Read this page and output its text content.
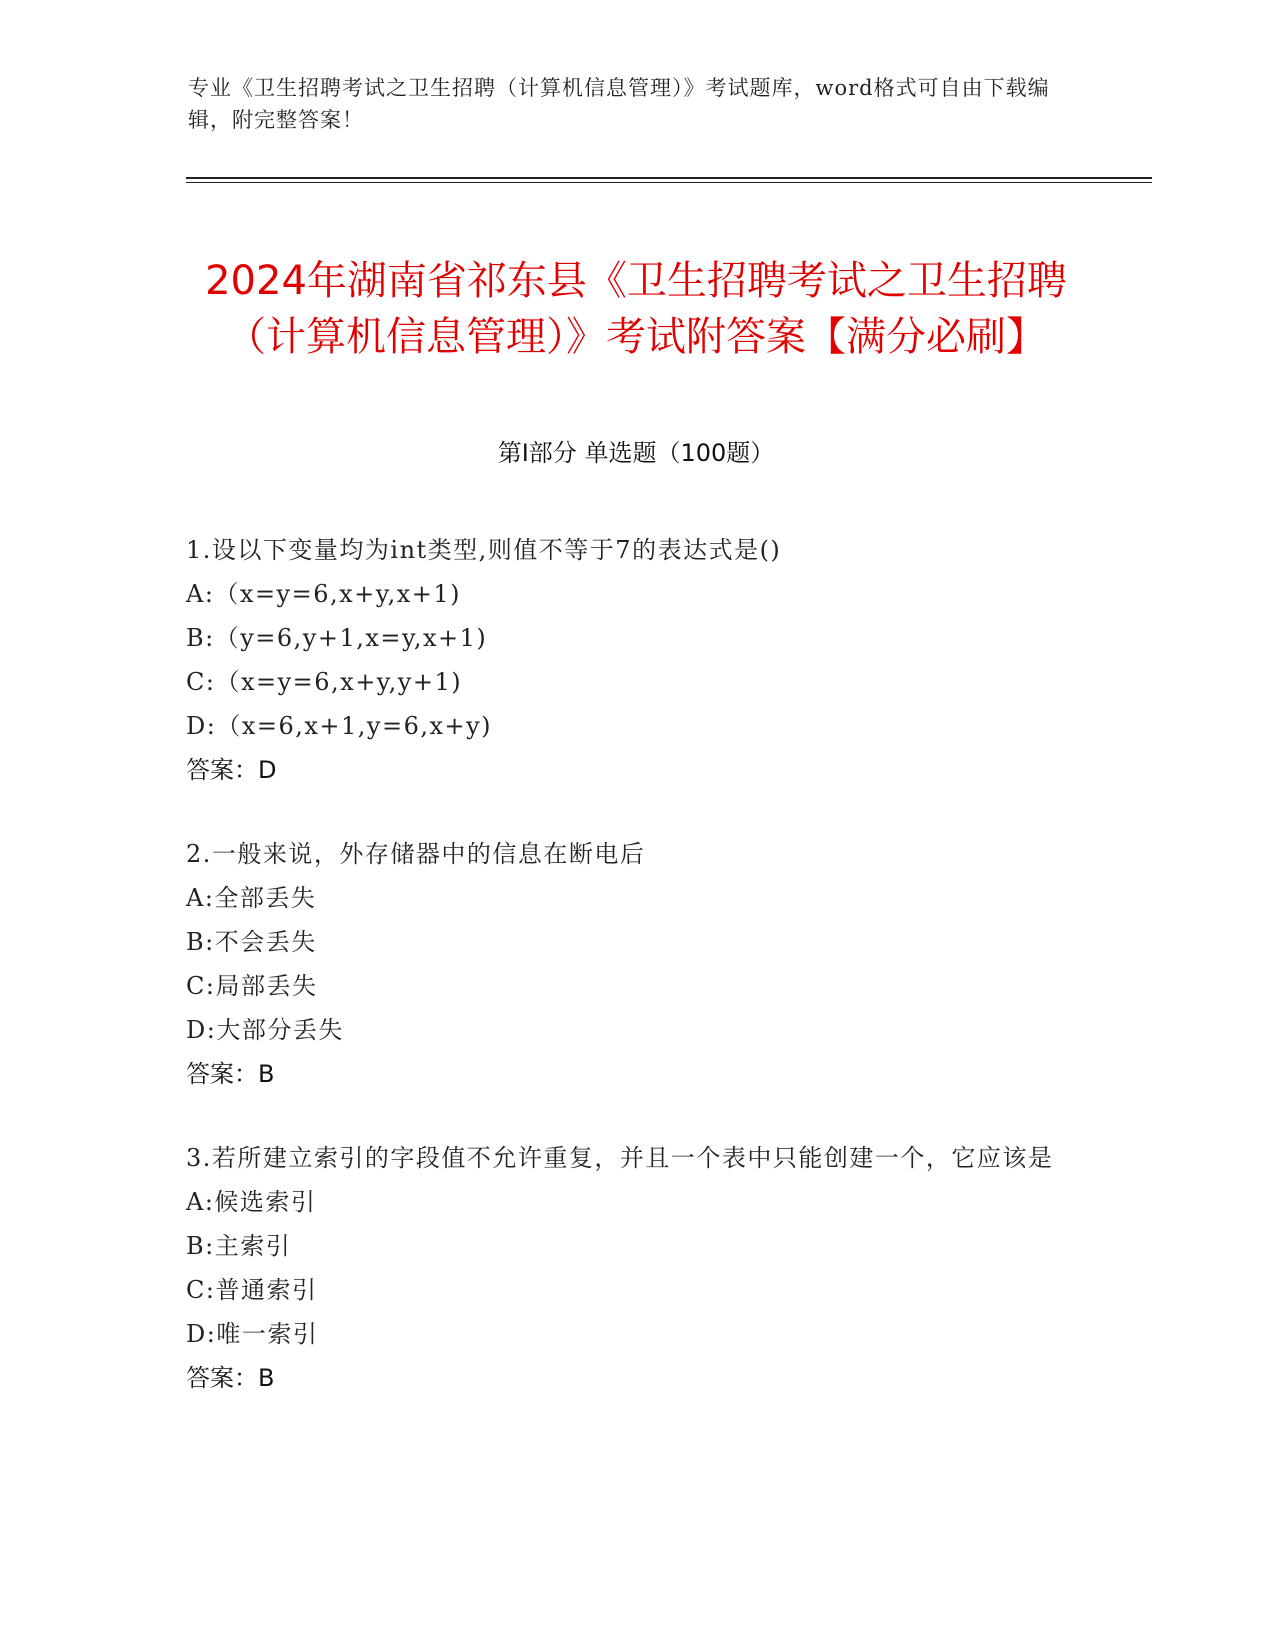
专业《卫生招聘考试之卫生招聘（计算机信息管理）》考试题库，word格式可自由下载编辑，附完整答案！
2024年湖南省祁东县《卫生招聘考试之卫生招聘（计算机信息管理）》考试附答案【满分必刷】
第I部分 单选题（100题）
1.设以下变量均为int类型,则值不等于7的表达式是()
A:（x=y=6,x+y,x+1)
B:（y=6,y+1,x=y,x+1)
C:（x=y=6,x+y,y+1)
D:（x=6,x+1,y=6,x+y)
答案：D
2.一般来说，外存储器中的信息在断电后
A:全部丢失
B:不会丢失
C:局部丢失
D:大部分丢失
答案：B
3.若所建立索引的字段值不允许重复，并且一个表中只能创建一个，它应该是
A:候选索引
B:主索引
C:普通索引
D:唯一索引
答案：B
